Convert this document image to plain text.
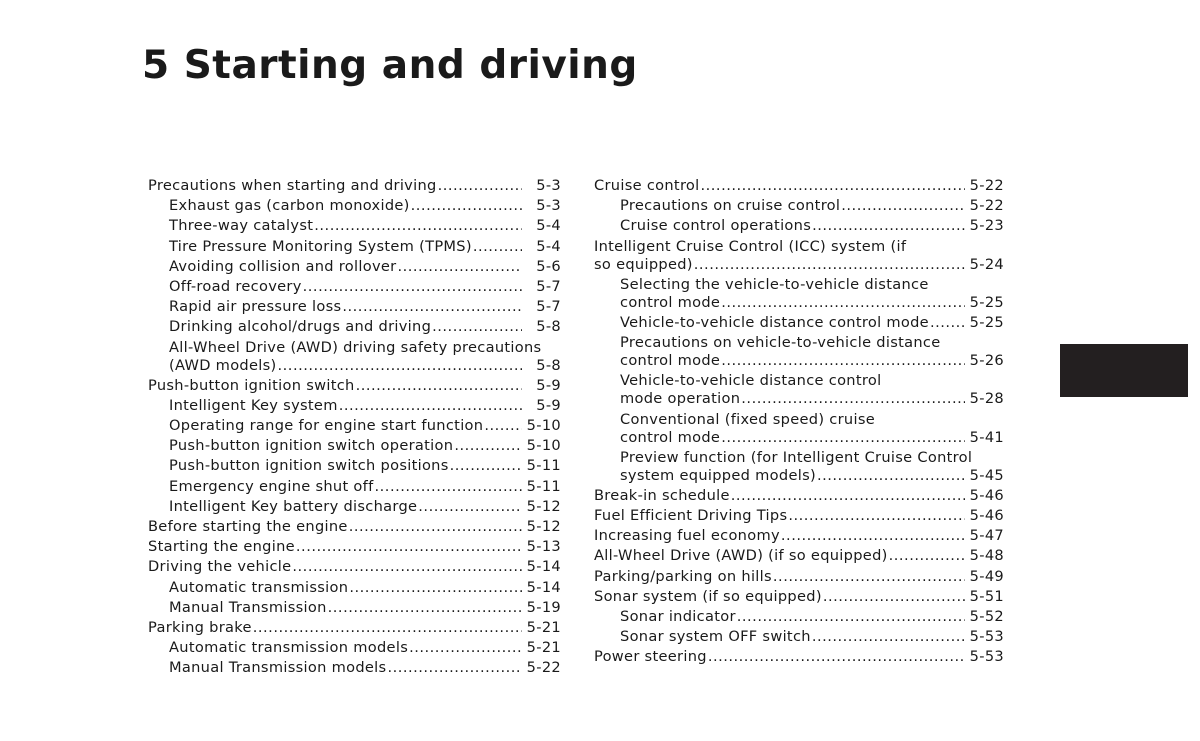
5 Starting and driving
Precautions when starting and driving .....	5-3
Exhaust gas (carbon monoxide) .....	5-3
Three-way catalyst .....	5-4
Tire Pressure Monitoring System (TPMS) .....	5-4
Avoiding collision and rollover .....	5-6
Off-road recovery .....	5-7
Rapid air pressure loss .....	5-7
Drinking alcohol/drugs and driving .....	5-8
All-Wheel Drive (AWD) driving safety precautions
(AWD models) .....	5-8
Push-button ignition switch .....	5-9
Intelligent Key system .....	5-9
Operating range for engine start function .....	5-10
Push-button ignition switch operation .....	5-10
Push-button ignition switch positions .....	5-11
Emergency engine shut off .....	5-11
Intelligent Key battery discharge .....	5-12
Before starting the engine .....	5-12
Starting the engine .....	5-13
Driving the vehicle .....	5-14
Automatic transmission .....	5-14
Manual Transmission .....	5-19
Parking brake .....	5-21
Automatic transmission models .....	5-21
Manual Transmission models .....	5-22
Cruise control .....	5-22
Precautions on cruise control .....	5-22
Cruise control operations .....	5-23
Intelligent Cruise Control (ICC) system (if
so equipped) .....	5-24
Selecting the vehicle-to-vehicle distance
control mode .....	5-25
Vehicle-to-vehicle distance control mode .....	5-25
Precautions on vehicle-to-vehicle distance
control mode .....	5-26
Vehicle-to-vehicle distance control
mode operation .....	5-28
Conventional (fixed speed) cruise
control mode .....	5-41
Preview function (for Intelligent Cruise Control
system equipped models) .....	5-45
Break-in schedule .....	5-46
Fuel Efficient Driving Tips .....	5-46
Increasing fuel economy .....	5-47
All-Wheel Drive (AWD) (if so equipped) .....	5-48
Parking/parking on hills .....	5-49
Sonar system (if so equipped) .....	5-51
Sonar indicator .....	5-52
Sonar system OFF switch .....	5-53
Power steering .....	5-53
